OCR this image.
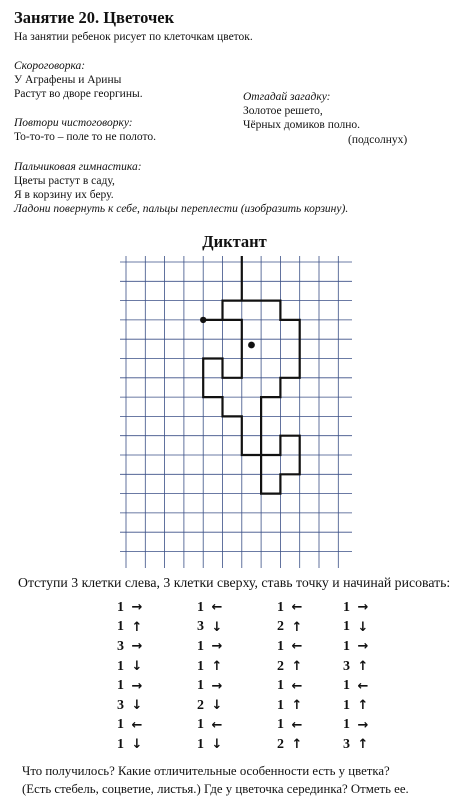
Занятие 20. Цветочек
На занятии ребенок рисует по клеточкам цветок.
Скороговорка:
У Аграфены и Арины
Растут во дворе георгины.	Отгадай загадку:
Золотое решето,
Чёрных домиков полно.
(подсолнух)
Повтори чистоговорку:
То-то-то – поле то не полото.
Пальчиковая гимнастика:
Цветы растут в саду,
Я в корзину их беру.
Ладони повернуть к себе, пальцы переплести (изобразить корзину).
Диктант
Отступи 3 клетки слева, 3 клетки сверху, ставь точку и начинай рисовать:
1 →	1 ←	1 ←	1 →
1 ↑	3 ↓	2 ↑	1 ↓
3 →	1 →	1 ←	1 →
1 ↓	1 ↑	2 ↑	3 ↑
1 →	1 →	1 ←	1 ←
3 ↓	2 ↓	1 ↑	1 ↑
1 ←	1 ←	1 ←	1 →
1 ↓	1 ↓	2 ↑	3 ↑
Что получилось? Какие отличительные особенности есть у цветка?
(Есть стебель, соцветие, листья.) Где у цветочка серединка? Отметь ее.
